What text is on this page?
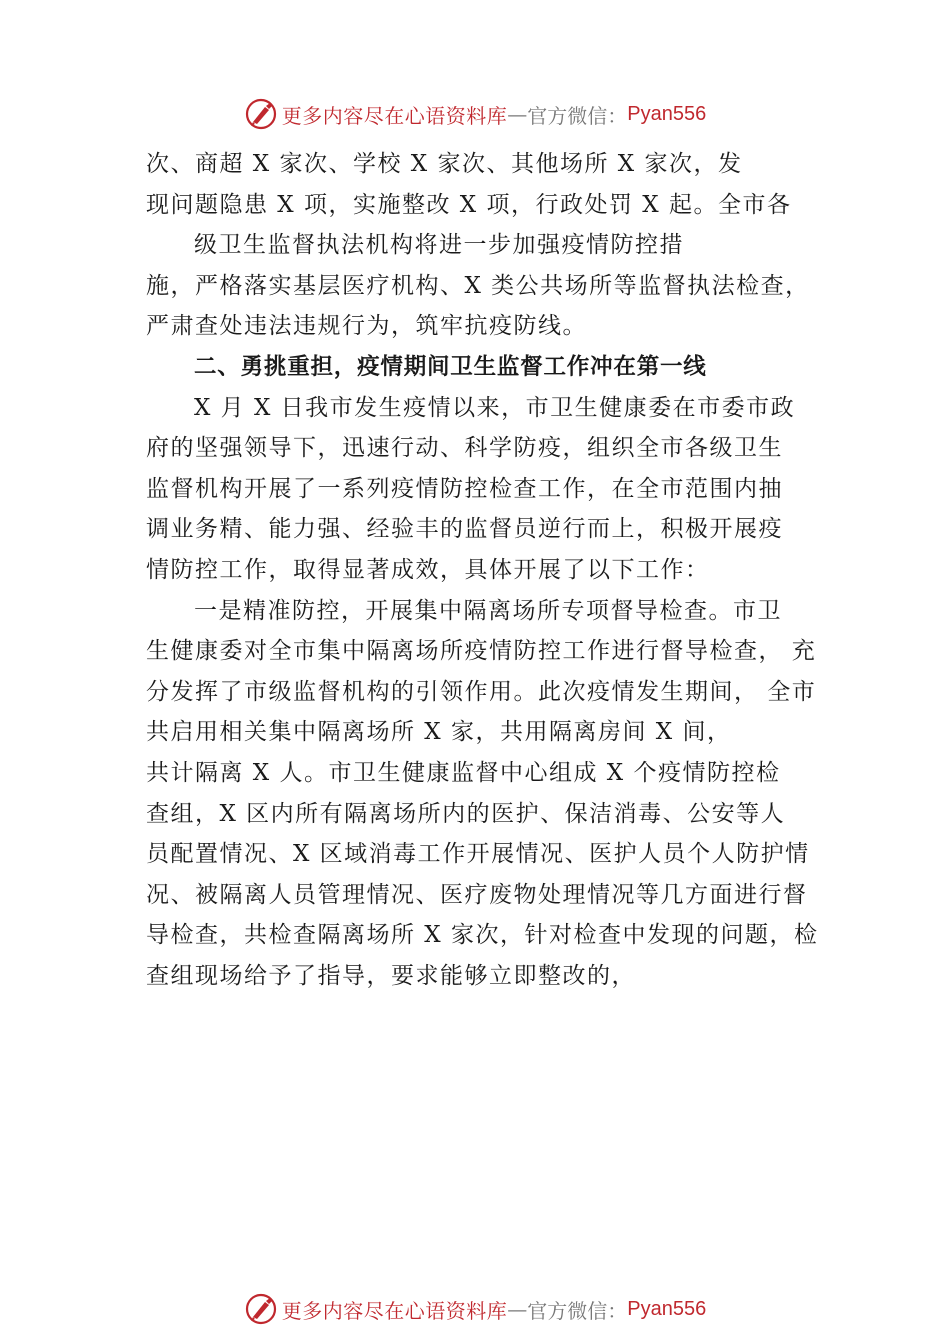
更多内容尽在心语资料库 — 官方微信： Pyan556
次、商超 X 家次、学校 X 家次、其他场所 X 家次，发
现问题隐患 X 项，实施整改 X 项，行政处罚 X 起。全市各
级卫生监督执法机构将进一步加强疫情防控措
施，严格落实基层医疗机构、X 类公共场所等监督执法检查，
严肃查处违法违规行为，筑牢抗疫防线。
二、勇挑重担，疫情期间卫生监督工作冲在第一线
X 月 X 日我市发生疫情以来，市卫生健康委在市委市政
府的坚强领导下，迅速行动、科学防疫，组织全市各级卫生
监督机构开展了一系列疫情防控检查工作，在全市范围内抽
调业务精、能力强、经验丰的监督员逆行而上，积极开展疫
情防控工作，取得显著成效，具体开展了以下工作：
一是精准防控，开展集中隔离场所专项督导检查。市卫
生健康委对全市集中隔离场所疫情防控工作进行督导检查， 充
分发挥了市级监督机构的引领作用。此次疫情发生期间， 全市
共启用相关集中隔离场所 X 家，共用隔离房间 X 间，
共计隔离 X 人。市卫生健康监督中心组成 X 个疫情防控检
查组，X 区内所有隔离场所内的医护、保洁消毒、公安等人
员配置情况、X 区域消毒工作开展情况、医护人员个人防护情
况、被隔离人员管理情况、医疗废物处理情况等几方面进行督
导检查，共检查隔离场所 X 家次，针对检查中发现的问题，检
查组现场给予了指导，要求能够立即整改的，
更多内容尽在心语资料库 — 官方微信： Pyan556
